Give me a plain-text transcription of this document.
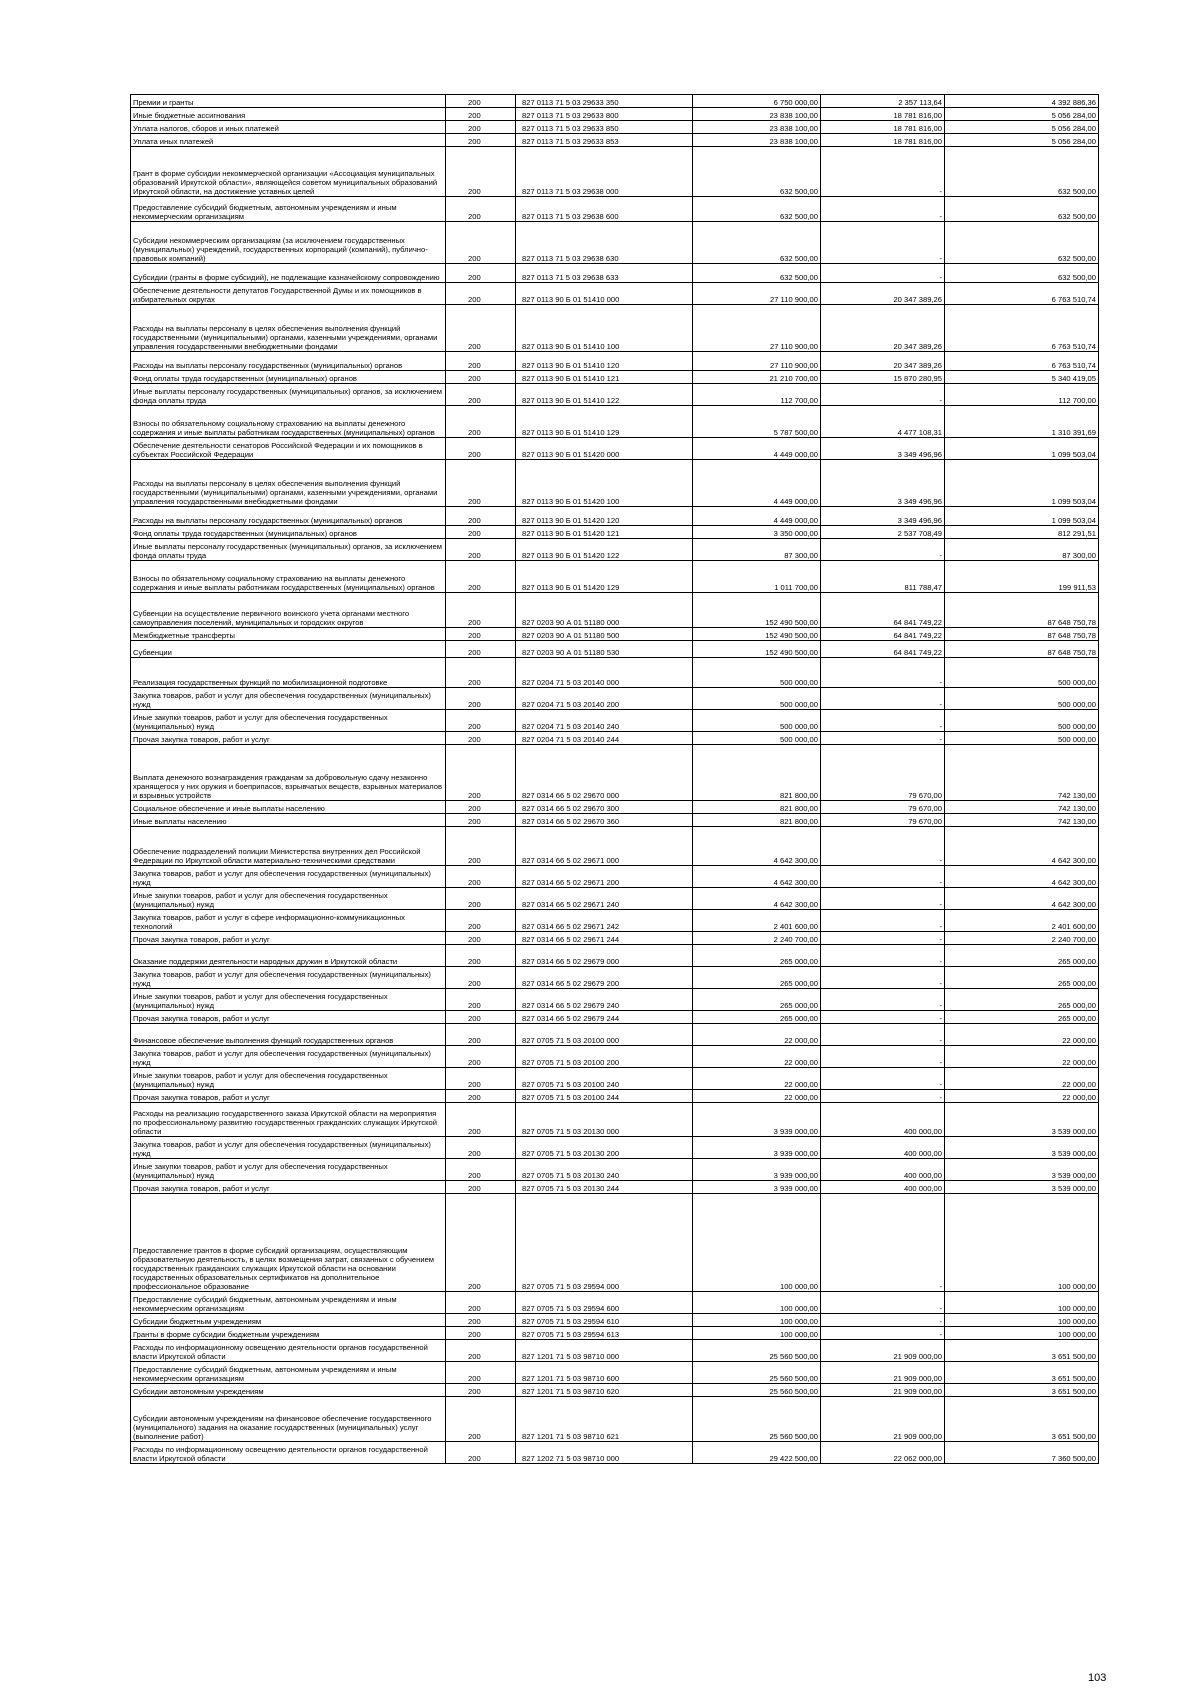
Премии и гранты	200	827 0113 71 5 03 29633 350	6 750 000,00	2 357 113,64	4 392 886,36
Иные бюджетные ассигнования	200	827 0113 71 5 03 29633 800	23 838 100,00	18 781 816,00	5 056 284,00
Уплата налогов, сборов и иных платежей	200	827 0113 71 5 03 29633 850	23 838 100,00	18 781 816,00	5 056 284,00
Уплата иных платежей	200	827 0113 71 5 03 29633 853	23 838 100,00	18 781 816,00	5 056 284,00
Грант в форме субсидии некоммерческой организации «Ассоциация муниципальных образований Иркутской области», являющейся советом муниципальных образований Иркутской области, на достижение уставных целей	200	827 0113 71 5 03 29638 000	632 500,00	-	632 500,00
Предоставление субсидий бюджетным, автономным учреждениям и иным некоммерческим организациям	200	827 0113 71 5 03 29638 600	632 500,00	-	632 500,00
Субсидии некоммерческим организациям (за исключением государственных (муниципальных) учреждений, государственных корпораций (компаний), публично-правовых компаний)	200	827 0113 71 5 03 29638 630	632 500,00	-	632 500,00
Субсидии (гранты в форме субсидий), не подлежащие казначейскому сопровождению	200	827 0113 71 5 03 29638 633	632 500,00	-	632 500,00
Обеспечение деятельности депутатов Государственной Думы и их помощников в избирательных округах	200	827 0113 90 Б 01 51410 000	27 110 900,00	20 347 389,26	6 763 510,74
Расходы на выплаты персоналу в целях обеспечения выполнения функций государственными (муниципальными) органами, казенными учреждениями, органами управления государственными внебюджетными фондами	200	827 0113 90 Б 01 51410 100	27 110 900,00	20 347 389,26	6 763 510,74
Расходы на выплаты персоналу государственных (муниципальных) органов	200	827 0113 90 Б 01 51410 120	27 110 900,00	20 347 389,26	6 763 510,74
Фонд оплаты труда государственных (муниципальных) органов	200	827 0113 90 Б 01 51410 121	21 210 700,00	15 870 280,95	5 340 419,05
Иные выплаты персоналу государственных (муниципальных) органов, за исключением фонда оплаты труда	200	827 0113 90 Б 01 51410 122	112 700,00	-	112 700,00
Взносы по обязательному социальному страхованию на выплаты денежного содержания и иные выплаты работникам государственных (муниципальных) органов	200	827 0113 90 Б 01 51410 129	5 787 500,00	4 477 108,31	1 310 391,69
Обеспечение деятельности сенаторов Российской Федерации и их помощников в субъектах Российской Федерации	200	827 0113 90 Б 01 51420 000	4 449 000,00	3 349 496,96	1 099 503,04
Расходы на выплаты персоналу в целях обеспечения выполнения функций государственными (муниципальными) органами, казенными учреждениями, органами управления государственными внебюджетными фондами	200	827 0113 90 Б 01 51420 100	4 449 000,00	3 349 496,96	1 099 503,04
Расходы на выплаты персоналу государственных (муниципальных) органов	200	827 0113 90 Б 01 51420 120	4 449 000,00	3 349 496,96	1 099 503,04
Фонд оплаты труда государственных (муниципальных) органов	200	827 0113 90 Б 01 51420 121	3 350 000,00	2 537 708,49	812 291,51
Иные выплаты персоналу государственных (муниципальных) органов, за исключением фонда оплаты труда	200	827 0113 90 Б 01 51420 122	87 300,00	-	87 300,00
Взносы по обязательному социальному страхованию на выплаты денежного содержания и иные выплаты работникам государственных (муниципальных) органов	200	827 0113 90 Б 01 51420 129	1 011 700,00	811 788,47	199 911,53
Субвенции на осуществление первичного воинского учета органами местного самоуправления поселений, муниципальных и городских округов	200	827 0203 90 А 01 51180 000	152 490 500,00	64 841 749,22	87 648 750,78
Межбюджетные трансферты	200	827 0203 90 А 01 51180 500	152 490 500,00	64 841 749,22	87 648 750,78
Субвенции	200	827 0203 90 А 01 51180 530	152 490 500,00	64 841 749,22	87 648 750,78
Реализация государственных функций по мобилизационной подготовке	200	827 0204 71 5 03 20140 000	500 000,00	-	500 000,00
Закупка товаров, работ и услуг для обеспечения государственных (муниципальных) нужд	200	827 0204 71 5 03 20140 200	500 000,00	-	500 000,00
Иные закупки товаров, работ и услуг для обеспечения государственных (муниципальных) нужд	200	827 0204 71 5 03 20140 240	500 000,00	-	500 000,00
Прочая закупка товаров, работ и услуг	200	827 0204 71 5 03 20140 244	500 000,00	-	500 000,00
Выплата денежного вознаграждения гражданам за добровольную сдачу незаконно хранящегося у них оружия и боеприпасов, взрывчатых веществ, взрывных материалов и взрывных устройств	200	827 0314 66 5 02 29670 000	821 800,00	79 670,00	742 130,00
Социальное обеспечение и иные выплаты населению	200	827 0314 66 5 02 29670 300	821 800,00	79 670,00	742 130,00
Иные выплаты населению	200	827 0314 66 5 02 29670 360	821 800,00	79 670,00	742 130,00
Обеспечение подразделений полиции Министерства внутренних дел Российской Федерации по Иркутской области материально-техническими средствами	200	827 0314 66 5 02 29671 000	4 642 300,00	-	4 642 300,00
Закупка товаров, работ и услуг для обеспечения государственных (муниципальных) нужд	200	827 0314 66 5 02 29671 200	4 642 300,00	-	4 642 300,00
Иные закупки товаров, работ и услуг для обеспечения государственных (муниципальных) нужд	200	827 0314 66 5 02 29671 240	4 642 300,00	-	4 642 300,00
Закупка товаров, работ и услуг в сфере информационно-коммуникационных технологий	200	827 0314 66 5 02 29671 242	2 401 600,00	-	2 401 600,00
Прочая закупка товаров, работ и услуг	200	827 0314 66 5 02 29671 244	2 240 700,00	-	2 240 700,00
Оказание поддержки деятельности народных дружин в Иркутской области	200	827 0314 66 5 02 29679 000	265 000,00	-	265 000,00
Закупка товаров, работ и услуг для обеспечения государственных (муниципальных) нужд	200	827 0314 66 5 02 29679 200	265 000,00	-	265 000,00
Иные закупки товаров, работ и услуг для обеспечения государственных (муниципальных) нужд	200	827 0314 66 5 02 29679 240	265 000,00	-	265 000,00
Прочая закупка товаров, работ и услуг	200	827 0314 66 5 02 29679 244	265 000,00	-	265 000,00
Финансовое обеспечение выполнения функций государственных органов	200	827 0705 71 5 03 20100 000	22 000,00	-	22 000,00
Закупка товаров, работ и услуг для обеспечения государственных (муниципальных) нужд	200	827 0705 71 5 03 20100 200	22 000,00	-	22 000,00
Иные закупки товаров, работ и услуг для обеспечения государственных (муниципальных) нужд	200	827 0705 71 5 03 20100 240	22 000,00	-	22 000,00
Прочая закупка товаров, работ и услуг	200	827 0705 71 5 03 20100 244	22 000,00	-	22 000,00
Расходы на реализацию государственного заказа Иркутской области на мероприятия по профессиональному развитию государственных гражданских служащих Иркутской области	200	827 0705 71 5 03 20130 000	3 939 000,00	400 000,00	3 539 000,00
Закупка товаров, работ и услуг для обеспечения государственных (муниципальных) нужд	200	827 0705 71 5 03 20130 200	3 939 000,00	400 000,00	3 539 000,00
Иные закупки товаров, работ и услуг для обеспечения государственных (муниципальных) нужд	200	827 0705 71 5 03 20130 240	3 939 000,00	400 000,00	3 539 000,00
Прочая закупка товаров, работ и услуг	200	827 0705 71 5 03 20130 244	3 939 000,00	400 000,00	3 539 000,00
Предоставление грантов в форме субсидий организациям, осуществляющим образовательную деятельность, в целях возмещения затрат, связанных с обучением государственных гражданских служащих Иркутской области на основании государственных образовательных сертификатов на дополнительное профессиональное образование	200	827 0705 71 5 03 29594 000	100 000,00	-	100 000,00
Предоставление субсидий бюджетным, автономным учреждениям и иным некоммерческим организациям	200	827 0705 71 5 03 29594 600	100 000,00	-	100 000,00
Субсидии бюджетным учреждениям	200	827 0705 71 5 03 29594 610	100 000,00	-	100 000,00
Гранты в форме субсидии бюджетным учреждениям	200	827 0705 71 5 03 29594 613	100 000,00	-	100 000,00
Расходы по информационному освещению деятельности органов государственной власти Иркутской области	200	827 1201 71 5 03 98710 000	25 560 500,00	21 909 000,00	3 651 500,00
Предоставление субсидий бюджетным, автономным учреждениям и иным некоммерческим организациям	200	827 1201 71 5 03 98710 600	25 560 500,00	21 909 000,00	3 651 500,00
Субсидии автономным учреждениям	200	827 1201 71 5 03 98710 620	25 560 500,00	21 909 000,00	3 651 500,00
Субсидии автономным учреждениям на финансовое обеспечение государственного (муниципального) задания на оказание государственных (муниципальных) услуг (выполнение работ)	200	827 1201 71 5 03 98710 621	25 560 500,00	21 909 000,00	3 651 500,00
Расходы по информационному освещению деятельности органов государственной власти Иркутской области	200	827 1202 71 5 03 98710 000	29 422 500,00	22 062 000,00	7 360 500,00
103
